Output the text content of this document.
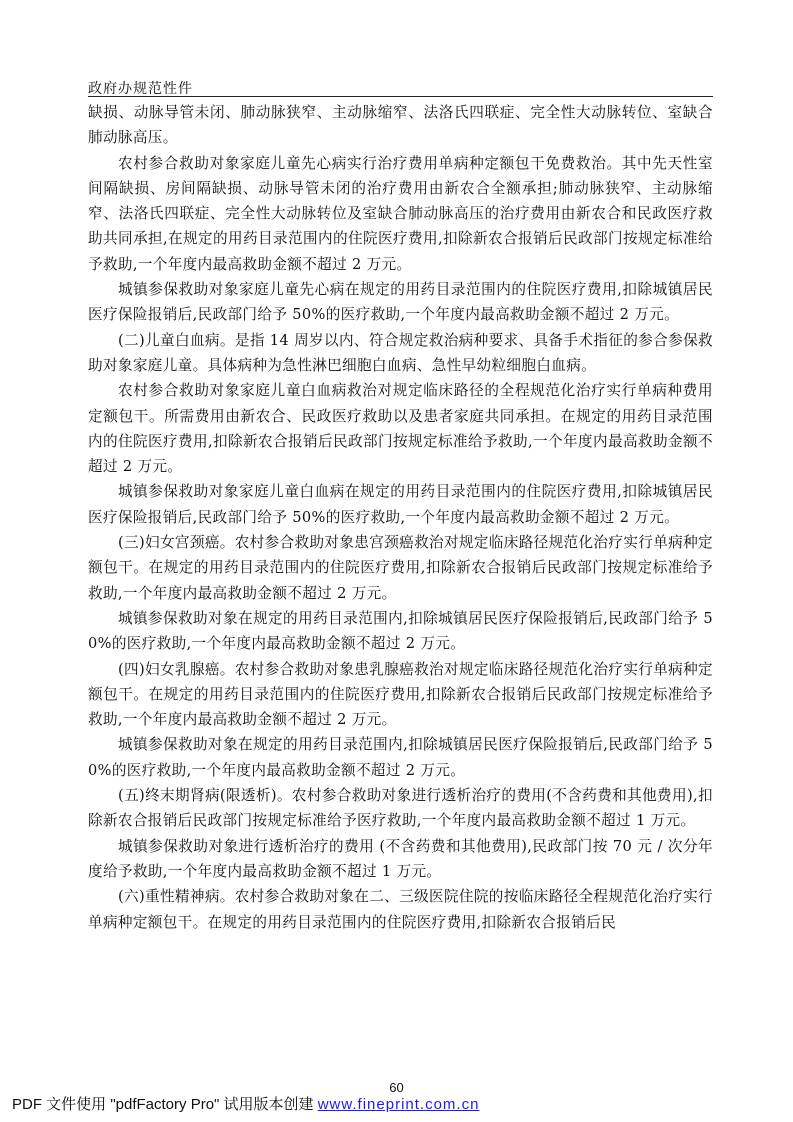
政府办规范性件

缺损、动脉导管未闭、肺动脉狭窄、主动脉缩窄、法洛氏四联症、完全性大动脉转位、室缺合肺动脉高压。

农村参合救助对象家庭儿童先心病实行治疗费用单病种定额包干免费救治。其中先天性室间隔缺损、房间隔缺损、动脉导管未闭的治疗费用由新农合全额承担;肺动脉狭窄、主动脉缩窄、法洛氏四联症、完全性大动脉转位及室缺合肺动脉高压的治疗费用由新农合和民政医疗救助共同承担,在规定的用药目录范围内的住院医疗费用,扣除新农合报销后民政部门按规定标准给予救助,一个年度内最高救助金额不超过 2 万元。

城镇参保救助对象家庭儿童先心病在规定的用药目录范围内的住院医疗费用,扣除城镇居民医疗保险报销后,民政部门给予 50%的医疗救助,一个年度内最高救助金额不超过 2 万元。

(二)儿童白血病。是指 14 周岁以内、符合规定救治病种要求、具备手术指征的参合参保救助对象家庭儿童。具体病种为急性淋巴细胞白血病、急性早幼粒细胞白血病。

农村参合救助对象家庭儿童白血病救治对规定临床路径的全程规范化治疗实行单病种费用定额包干。所需费用由新农合、民政医疗救助以及患者家庭共同承担。在规定的用药目录范围内的住院医疗费用,扣除新农合报销后民政部门按规定标准给予救助,一个年度内最高救助金额不超过 2 万元。

城镇参保救助对象家庭儿童白血病在规定的用药目录范围内的住院医疗费用,扣除城镇居民医疗保险报销后,民政部门给予 50%的医疗救助,一个年度内最高救助金额不超过 2 万元。

(三)妇女宫颈癌。农村参合救助对象患宫颈癌救治对规定临床路径规范化治疗实行单病种定额包干。在规定的用药目录范围内的住院医疗费用,扣除新农合报销后民政部门按规定标准给予救助,一个年度内最高救助金额不超过 2 万元。

城镇参保救助对象在规定的用药目录范围内,扣除城镇居民医疗保险报销后,民政部门给予 50%的医疗救助,一个年度内最高救助金额不超过 2 万元。

(四)妇女乳腺癌。农村参合救助对象患乳腺癌救治对规定临床路径规范化治疗实行单病种定额包干。在规定的用药目录范围内的住院医疗费用,扣除新农合报销后民政部门按规定标准给予救助,一个年度内最高救助金额不超过 2 万元。

城镇参保救助对象在规定的用药目录范围内,扣除城镇居民医疗保险报销后,民政部门给予 50%的医疗救助,一个年度内最高救助金额不超过 2 万元。

(五)终末期肾病(限透析)。农村参合救助对象进行透析治疗的费用(不含药费和其他费用),扣除新农合报销后民政部门按规定标准给予医疗救助,一个年度内最高救助金额不超过 1 万元。

城镇参保救助对象进行透析治疗的费用 (不含药费和其他费用),民政部门按 70 元 / 次分年度给予救助,一个年度内最高救助金额不超过 1 万元。

(六)重性精神病。农村参合救助对象在二、三级医院住院的按临床路径全程规范化治疗实行单病种定额包干。在规定的用药目录范围内的住院医疗费用,扣除新农合报销后民

60
PDF 文件使用 "pdfFactory Pro" 试用版本创建 www.fineprint.com.cn
